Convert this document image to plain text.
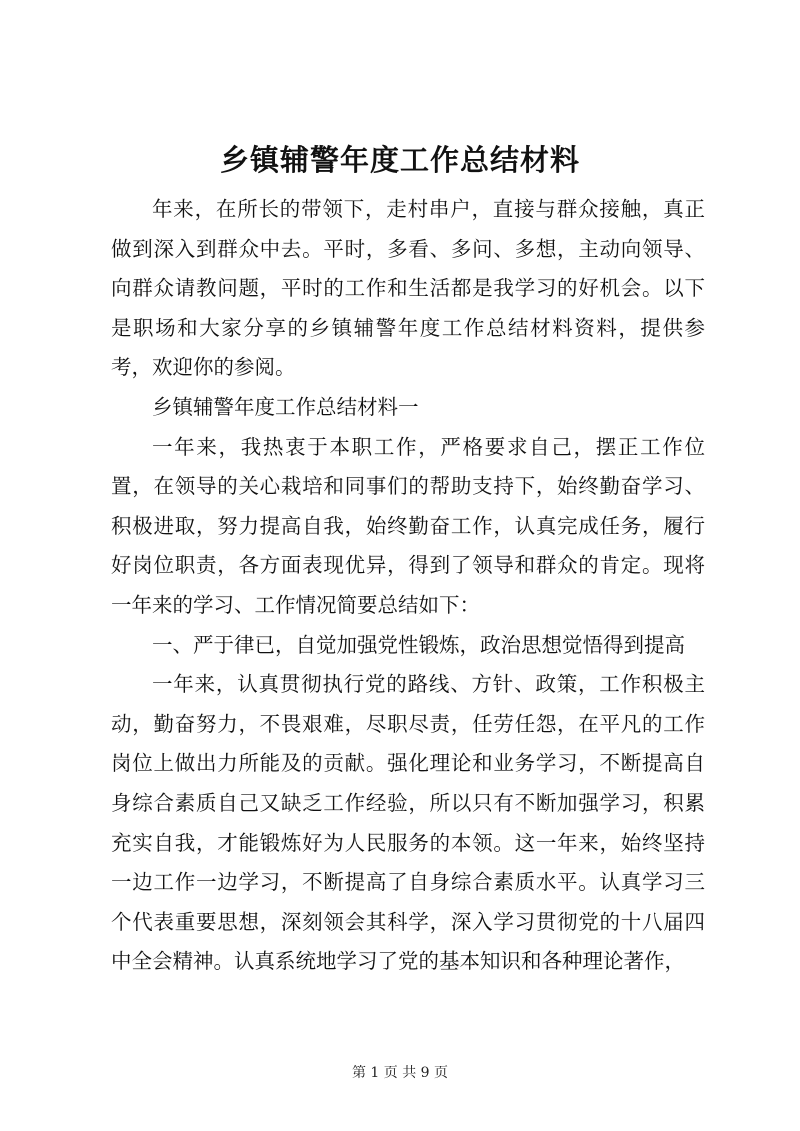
乡镇辅警年度工作总结材料

年来，在所长的带领下，走村串户，直接与群众接触，真正做到深入到群众中去。平时，多看、多问、多想，主动向领导、向群众请教问题，平时的工作和生活都是我学习的好机会。以下是职场和大家分享的乡镇辅警年度工作总结材料资料，提供参考，欢迎你的参阅。

乡镇辅警年度工作总结材料一

一年来，我热衷于本职工作，严格要求自己，摆正工作位置，在领导的关心栽培和同事们的帮助支持下，始终勤奋学习、积极进取，努力提高自我，始终勤奋工作，认真完成任务，履行好岗位职责，各方面表现优异，得到了领导和群众的肯定。现将一年来的学习、工作情况简要总结如下：

一、严于律已，自觉加强党性锻炼，政治思想觉悟得到提高

一年来，认真贯彻执行党的路线、方针、政策，工作积极主动，勤奋努力，不畏艰难，尽职尽责，任劳任怨，在平凡的工作岗位上做出力所能及的贡献。强化理论和业务学习，不断提高自身综合素质自己又缺乏工作经验，所以只有不断加强学习，积累充实自我，才能锻炼好为人民服务的本领。这一年来，始终坚持一边工作一边学习，不断提高了自身综合素质水平。认真学习三个代表重要思想，深刻领会其科学，深入学习贯彻党的十八届四中全会精神。认真系统地学习了党的基本知识和各种理论著作，

第 1 页 共 9 页
